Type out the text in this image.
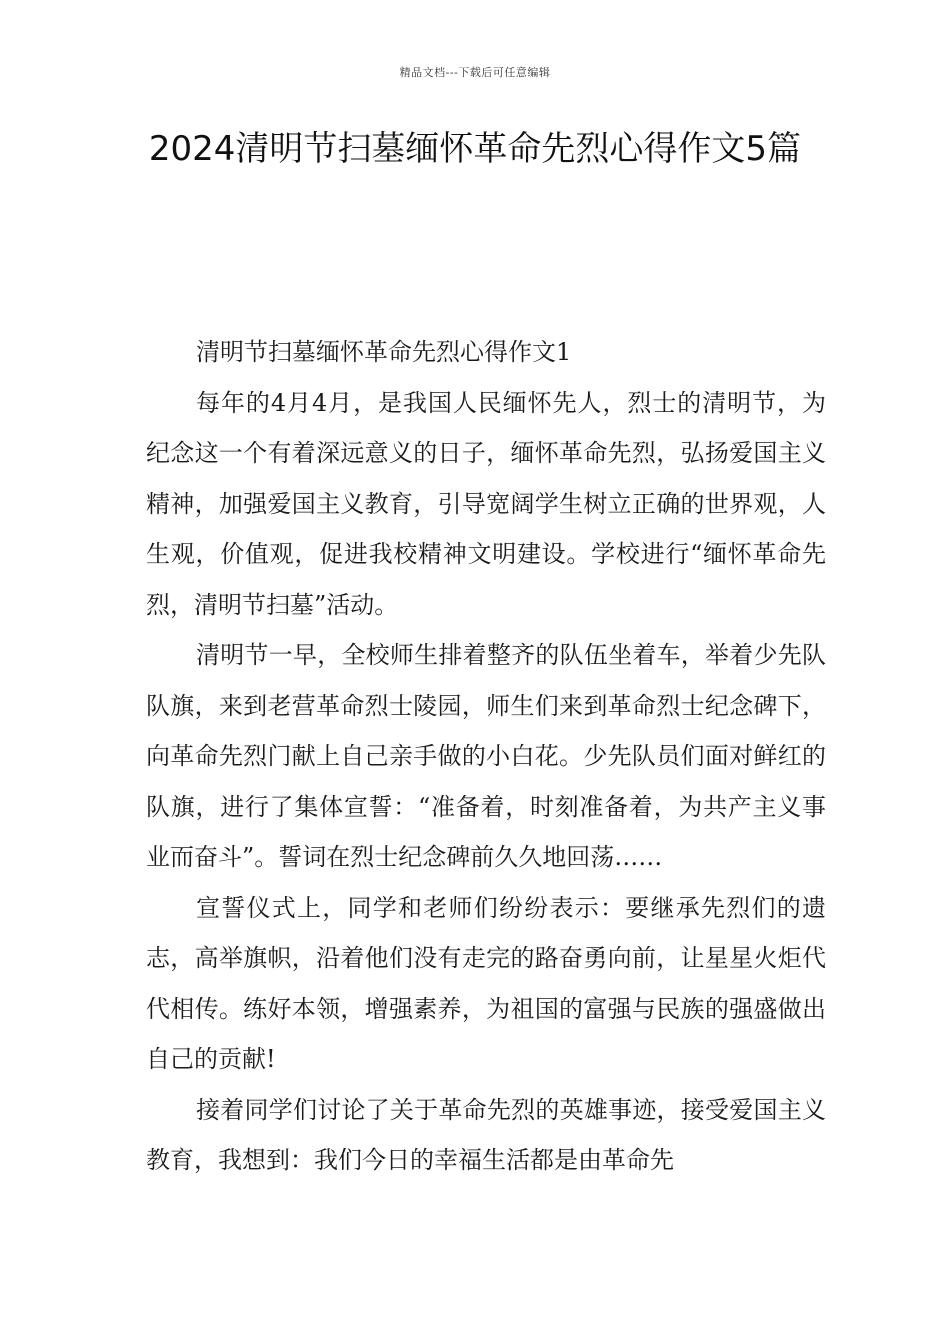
精品文档---下载后可任意编辑
2024清明节扫墓缅怀革命先烈心得作文5篇

清明节扫墓缅怀革命先烈心得作文1

每年的4月4月，是我国人民缅怀先人，烈士的清明节，为纪念这一个有着深远意义的日子，缅怀革命先烈，弘扬爱国主义精神，加强爱国主义教育，引导宽阔学生树立正确的世界观，人生观，价值观，促进我校精神文明建设。学校进行“缅怀革命先烈，清明节扫墓”活动。

清明节一早，全校师生排着整齐的队伍坐着车，举着少先队队旗，来到老营革命烈士陵园，师生们来到革命烈士纪念碑下，向革命先烈门献上自己亲手做的小白花。少先队员们面对鲜红的队旗，进行了集体宣誓：“准备着，时刻准备着，为共产主义事业而奋斗”。誓词在烈士纪念碑前久久地回荡……

宣誓仪式上，同学和老师们纷纷表示：要继承先烈们的遗志，高举旗帜，沿着他们没有走完的路奋勇向前，让星星火炬代代相传。练好本领，增强素养，为祖国的富强与民族的强盛做出自己的贡献!

接着同学们讨论了关于革命先烈的英雄事迹，接受爱国主义教育，我想到：我们今日的幸福生活都是由革命先
